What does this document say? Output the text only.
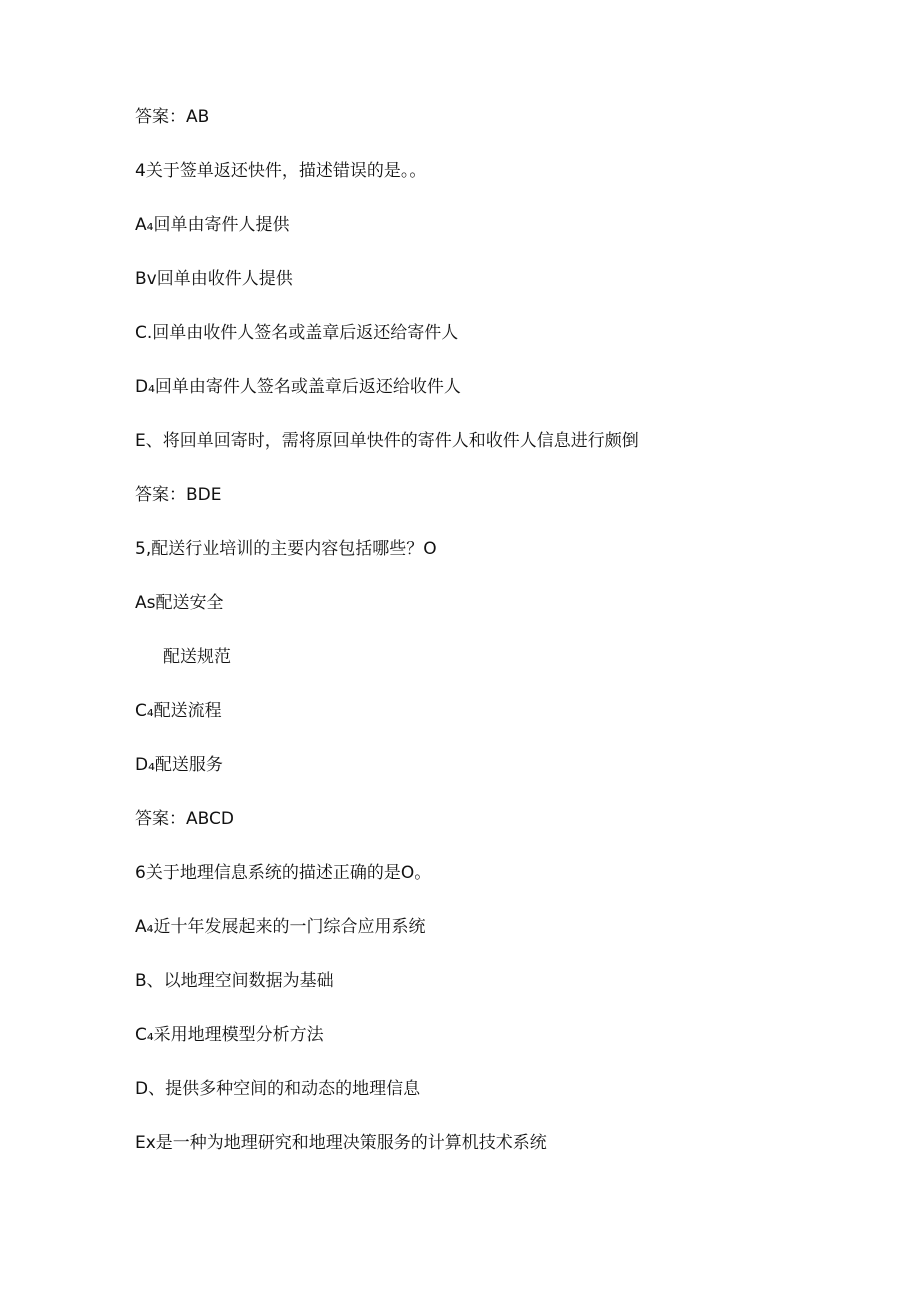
答案：AB
4关于签单返还快件，描述错误的是。。
A₄回单由寄件人提供
Bv回单由收件人提供
C.回单由收件人签名或盖章后返还给寄件人
D₄回单由寄件人签名或盖章后返还给收件人
E、将回单回寄时，需将原回单快件的寄件人和收件人信息进行颇倒
答案：BDE
5,配送行业培训的主要内容包括哪些？O
As配送安全
配送规范
C₄配送流程
D₄配送服务
答案：ABCD
6关于地理信息系统的描述正确的是O。
A₄近十年发展起来的一门综合应用系统
B、以地理空间数据为基础
C₄采用地理模型分析方法
D、提供多种空间的和动态的地理信息
Ex是一种为地理研究和地理决策服务的计算机技术系统
